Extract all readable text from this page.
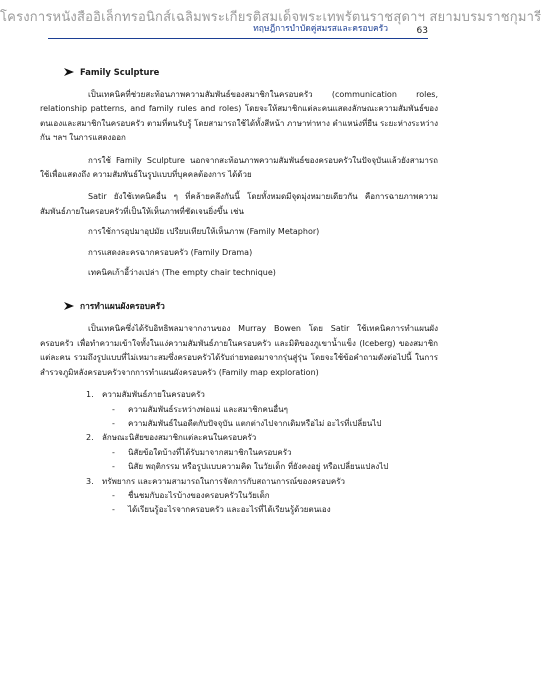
โครงการหนังสืออิเล็กทรอนิกส์เฉลิมพระเกียรติสมเด็จพระเทพรัตนราชสุดาฯ สยามบรมราชกุมารี
ทฤษฎีการบำบัดคู่สมรสและครอบครัว	63
Family Sculpture

เป็นเทคนิคที่ช่วยสะท้อนภาพความสัมพันธ์ของสมาชิกในครอบครัว (communication roles, relationship patterns, and family rules and roles) โดยจะให้สมาชิกแต่ละคนแสดงลักษณะความสัมพันธ์ของตนเองและสมาชิกในครอบครัว ตามที่ตนรับรู้ โดยสามารถใช้ได้ทั้งสีหน้า ภาษาท่าทาง ตำแหน่งที่ยืน ระยะห่างระหว่างกัน ฯลฯ ในการแสดงออก

การใช้ Family Sculpture นอกจากสะท้อนภาพความสัมพันธ์ของครอบครัวในปัจจุบันแล้วยังสามารถใช้เพื่อแสดงถึง ความสัมพันธ์ในรูปแบบที่บุคคลต้องการ ได้ด้วย

Satir ยังใช้เทคนิคอื่น ๆ ที่คล้ายคลึงกันนี้ โดยทั้งหมดมีจุดมุ่งหมายเดียวกัน คือการฉายภาพความสัมพันธ์ภายในครอบครัวที่เป็นให้เห็นภาพที่ชัดเจนยิ่งขึ้น เช่น

การใช้การอุปมาอุปมัย เปรียบเทียบให้เห็นภาพ (Family Metaphor)
การแสดงละครฉากครอบครัว (Family Drama)
เทคนิคเก้าอี้ว่างเปล่า (The empty chair technique)
การทำแผนผังครอบครัว

เป็นเทคนิคซึ่งได้รับอิทธิพลมาจากงานของ Murray Bowen โดย Satir ใช้เทคนิคการทำแผนผังครอบครัว เพื่อทำความเข้าใจทั้งในแง่ความสัมพันธ์ภายในครอบครัว และมิติของภูเขาน้ำแข็ง (Iceberg) ของสมาชิกแต่ละคน รวมถึงรูปแบบที่ไม่เหมาะสมซึ่งครอบครัวได้รับถ่ายทอดมาจากรุ่นสู่รุ่น โดยจะใช้ข้อคำถามดังต่อไปนี้ ในการสำรวจภูมิหลังครอบครัวจากการทำแผนผังครอบครัว (Family map exploration)

1.	ความสัมพันธ์ภายในครอบครัว
-	ความสัมพันธ์ระหว่างพ่อแม่ และสมาชิกคนอื่นๆ
-	ความสัมพันธ์ในอดีตกับปัจจุบัน แตกต่างไปจากเดิมหรือไม่ อะไรที่เปลี่ยนไป
2.	ลักษณะนิสัยของสมาชิกแต่ละคนในครอบครัว
-	นิสัยข้อใดบ้างที่ได้รับมาจากสมาชิกในครอบครัว
-	นิสัย พฤติกรรม หรือรูปแบบความคิด ในวัยเด็ก ที่ยังคงอยู่ หรือเปลี่ยนแปลงไป
3.	ทรัพยากร และความสามารถในการจัดการกับสถานการณ์ของครอบครัว
-	ชื่นชมกับอะไรบ้างของครอบครัวในวัยเด็ก
-	ได้เรียนรู้อะไรจากครอบครัว และอะไรที่ได้เรียนรู้ด้วยตนเอง
